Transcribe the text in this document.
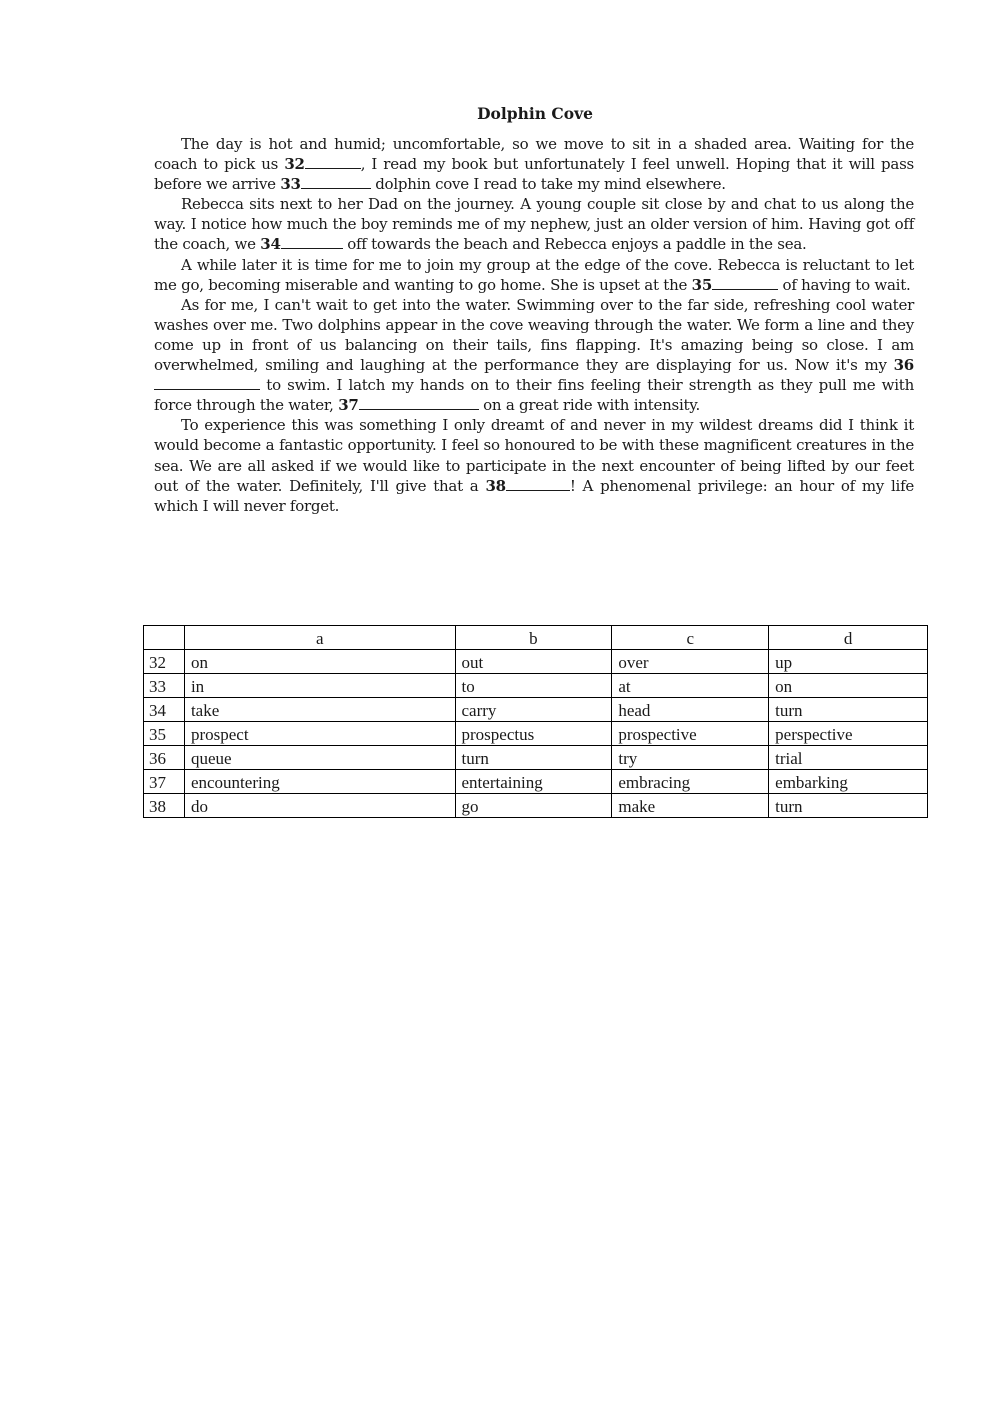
Dolphin Cove

The day is hot and humid; uncomfortable, so we move to sit in a shaded area. Waiting for the coach to pick us 32	, I read my book but unfortunately I feel unwell. Hoping that it will pass before we arrive 33	dolphin cove I read to take my mind elsewhere.

Rebecca sits next to her Dad on the journey. A young couple sit close by and chat to us along the way. I notice how much the boy reminds me of my nephew, just an older version of him. Having got off the coach, we 34	off towards the beach and Rebecca enjoys a paddle in the sea.

A while later it is time for me to join my group at the edge of the cove. Rebecca is reluctant to let me go, becoming miserable and wanting to go home. She is upset at the 35	of having to wait.

As for me, I can't wait to get into the water. Swimming over to the far side, refreshing cool water washes over me. Two dolphins appear in the cove weaving through the water. We form a line and they come up in front of us balancing on their tails, fins flapping. It's amazing being so close. I am overwhelmed, smiling and laughing at the performance they are displaying for us. Now it's my 36 to swim. I latch my hands on to their fins feeling their strength as they pull me with force through the water, 37	on a great ride with intensity.

To experience this was something I only dreamt of and never in my wildest dreams did I think it would become a fantastic opportunity. I feel so honoured to be with these magnificent creatures in the sea. We are all asked if we would like to participate in the next encounter of being lifted by our feet out of the water. Definitely, I'll give that a 38	! A phenomenal privilege: an hour of my life which I will never forget.

	a	b	c	d
32	on	out	over	up
33	in	to	at	on
34	take	carry	head	turn
35	prospect	prospectus	prospective	perspective
36	queue	turn	try	trial
37	encountering	entertaining	embracing	embarking
38	do	go	make	turn
